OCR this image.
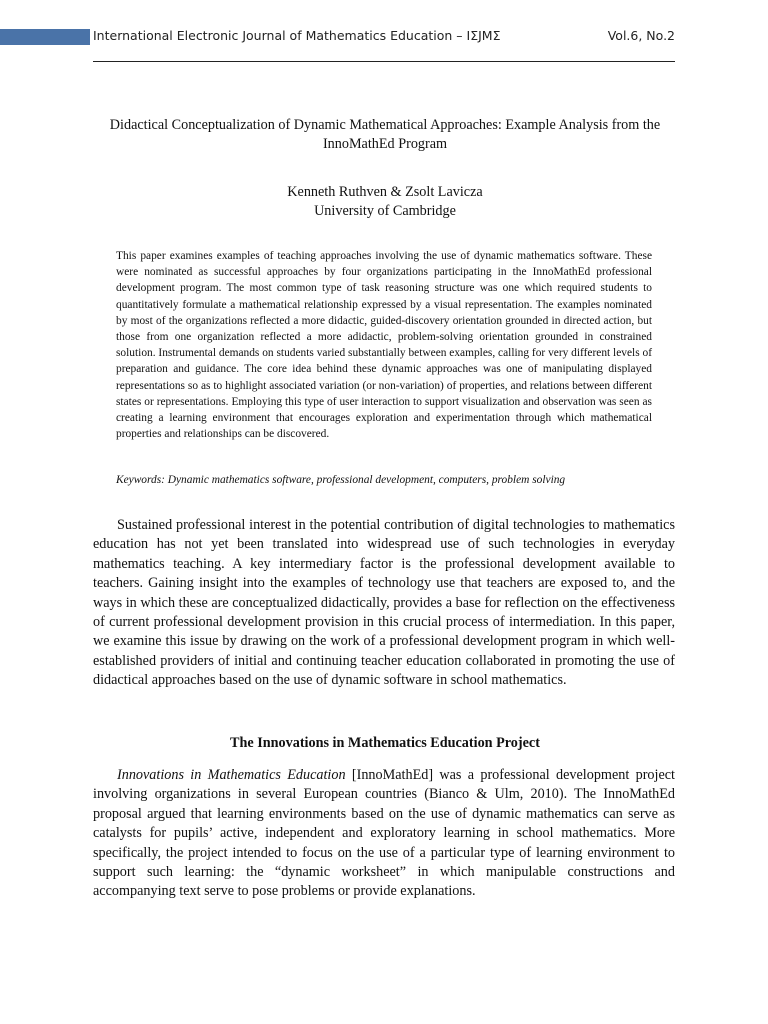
International Electronic Journal of Mathematics Education – IΣJMΣ	Vol.6, No.2
Didactical Conceptualization of Dynamic Mathematical Approaches: Example Analysis from the InnoMathEd Program
Kenneth Ruthven & Zsolt Lavicza
University of Cambridge

This paper examines examples of teaching approaches involving the use of dynamic mathematics software. These were nominated as successful approaches by four organizations participating in the InnoMathEd professional development program. The most common type of task reasoning structure was one which required students to quantitatively formulate a mathematical relationship expressed by a visual representation. The examples nominated by most of the organizations reflected a more didactic, guided-discovery orientation grounded in directed action, but those from one organization reflected a more adidactic, problem-solving orientation grounded in constrained solution. Instrumental demands on students varied substantially between examples, calling for very different levels of preparation and guidance. The core idea behind these dynamic approaches was one of manipulating displayed representations so as to highlight associated variation (or non-variation) of properties, and relations between different states or representations. Employing this type of user interaction to support visualization and observation was seen as creating a learning environment that encourages exploration and experimentation through which mathematical properties and relationships can be discovered.

Keywords: Dynamic mathematics software, professional development, computers, problem solving

Sustained professional interest in the potential contribution of digital technologies to mathematics education has not yet been translated into widespread use of such technologies in everyday mathematics teaching. A key intermediary factor is the professional development available to teachers. Gaining insight into the examples of technology use that teachers are exposed to, and the ways in which these are conceptualized didactically, provides a base for reflection on the effectiveness of current professional development provision in this crucial process of intermediation. In this paper, we examine this issue by drawing on the work of a professional development program in which well-established providers of initial and continuing teacher education collaborated in promoting the use of didactical approaches based on the use of dynamic software in school mathematics.

The Innovations in Mathematics Education Project

Innovations in Mathematics Education [InnoMathEd] was a professional development project involving organizations in several European countries (Bianco & Ulm, 2010). The InnoMathEd proposal argued that learning environments based on the use of dynamic mathematics can serve as catalysts for pupils’ active, independent and exploratory learning in school mathematics. More specifically, the project intended to focus on the use of a particular type of learning environment to support such learning: the “dynamic worksheet” in which manipulable constructions and accompanying text serve to pose problems or provide explanations.
